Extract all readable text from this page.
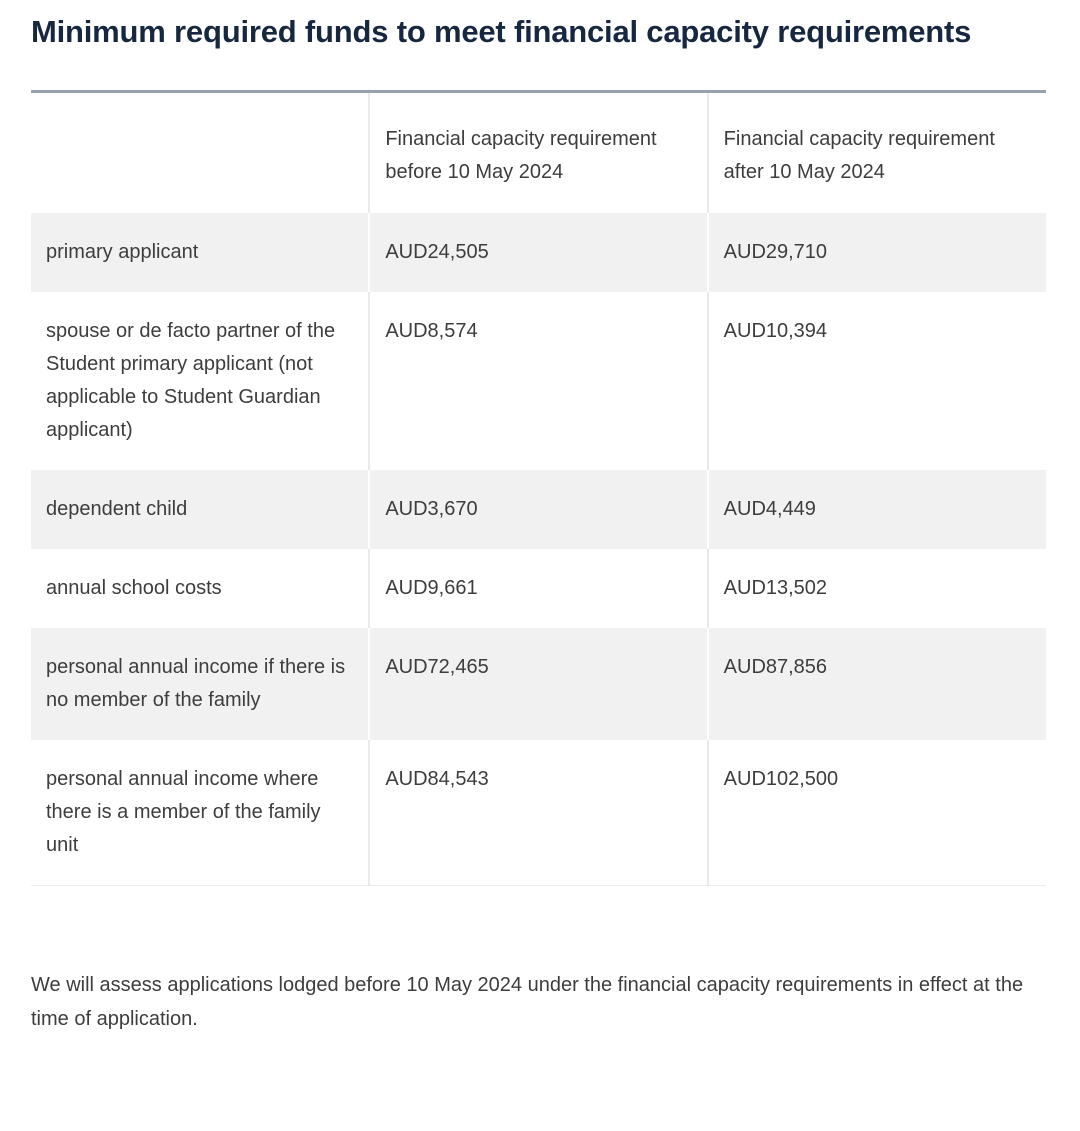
Minimum required funds to meet financial capacity requirements
	Financial capacity requirement before 10 May 2024	Financial capacity requirement after 10 May 2024
primary applicant	AUD24,505	AUD29,710
spouse or de facto partner of the Student primary applicant (not applicable to Student Guardian applicant)	AUD8,574	AUD10,394
dependent child	AUD3,670	AUD4,449
annual school costs	AUD9,661	AUD13,502
personal annual income if there is no member of the family	AUD72,465	AUD87,856
personal annual income where there is a member of the family unit	AUD84,543	AUD102,500

We will assess applications lodged before 10 May 2024 under the financial capacity requirements in effect at the time of application.
